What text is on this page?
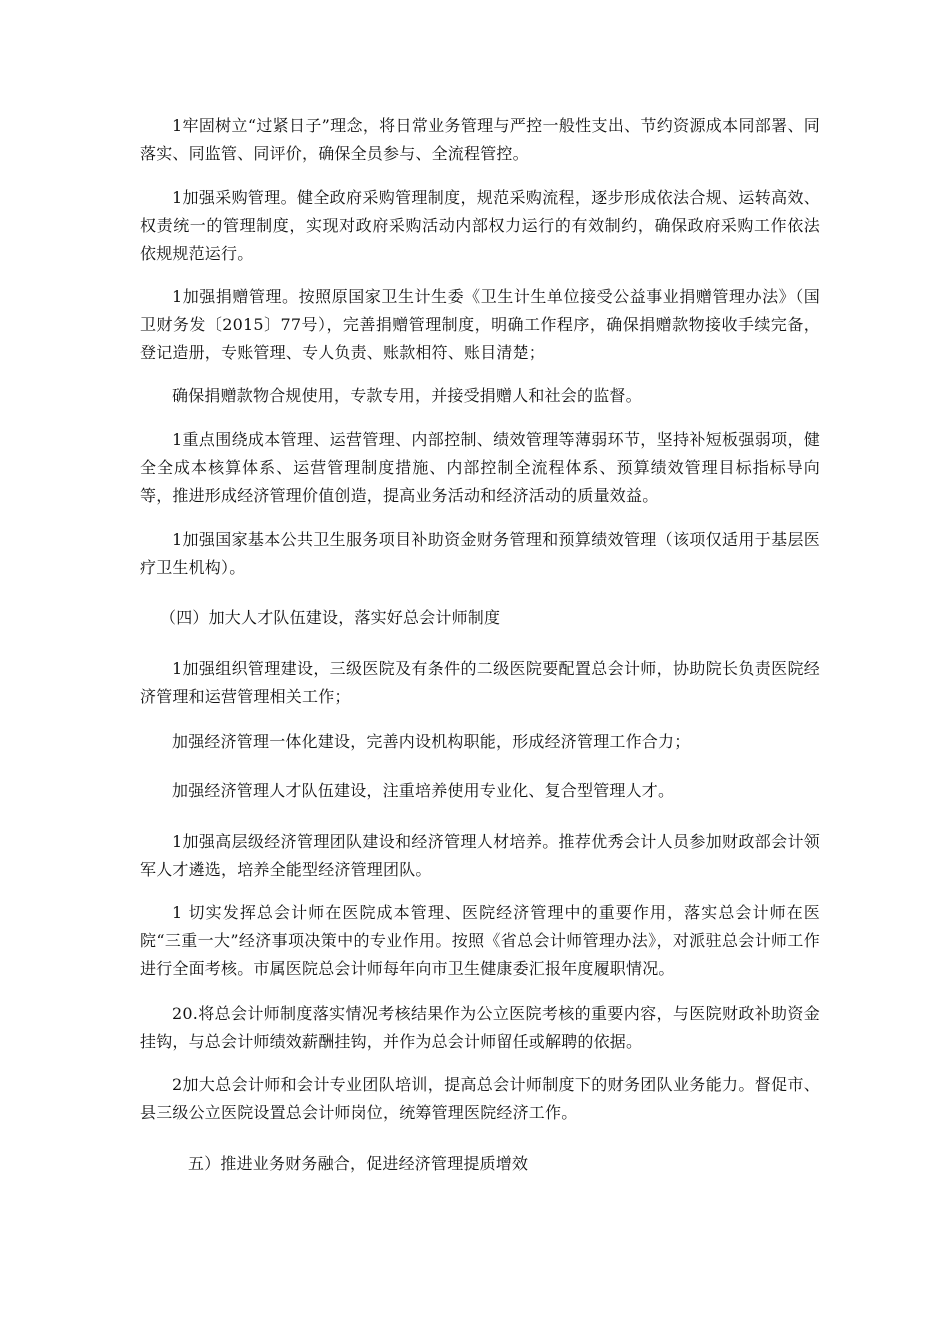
1牢固树立“过紧日子”理念，将日常业务管理与严控一般性支出、节约资源成本同部署、同落实、同监管、同评价，确保全员参与、全流程管控。

1加强采购管理。健全政府采购管理制度，规范采购流程，逐步形成依法合规、运转高效、权责统一的管理制度，实现对政府采购活动内部权力运行的有效制约，确保政府采购工作依法依规规范运行。

1加强捐赠管理。按照原国家卫生计生委《卫生计生单位接受公益事业捐赠管理办法》（国卫财务发〔2015〕77号），完善捐赠管理制度，明确工作程序，确保捐赠款物接收手续完备，登记造册，专账管理、专人负责、账款相符、账目清楚；

确保捐赠款物合规使用，专款专用，并接受捐赠人和社会的监督。

1重点围绕成本管理、运营管理、内部控制、绩效管理等薄弱环节，坚持补短板强弱项，健全全成本核算体系、运营管理制度措施、内部控制全流程体系、预算绩效管理目标指标导向等，推进形成经济管理价值创造，提高业务活动和经济活动的质量效益。

1加强国家基本公共卫生服务项目补助资金财务管理和预算绩效管理（该项仅适用于基层医疗卫生机构）。

（四）加大人才队伍建设，落实好总会计师制度

1加强组织管理建设，三级医院及有条件的二级医院要配置总会计师，协助院长负责医院经济管理和运营管理相关工作；

加强经济管理一体化建设，完善内设机构职能，形成经济管理工作合力；

加强经济管理人才队伍建设，注重培养使用专业化、复合型管理人才。

1加强高层级经济管理团队建设和经济管理人材培养。推荐优秀会计人员参加财政部会计领军人才遴选，培养全能型经济管理团队。

1 切实发挥总会计师在医院成本管理、医院经济管理中的重要作用，落实总会计师在医院“三重一大”经济事项决策中的专业作用。按照《省总会计师管理办法》，对派驻总会计师工作进行全面考核。市属医院总会计师每年向市卫生健康委汇报年度履职情况。

20.将总会计师制度落实情况考核结果作为公立医院考核的重要内容，与医院财政补助资金挂钩，与总会计师绩效薪酬挂钩，并作为总会计师留任或解聘的依据。

2加大总会计师和会计专业团队培训，提高总会计师制度下的财务团队业务能力。督促市、县三级公立医院设置总会计师岗位，统筹管理医院经济工作。

五）推进业务财务融合，促进经济管理提质增效
